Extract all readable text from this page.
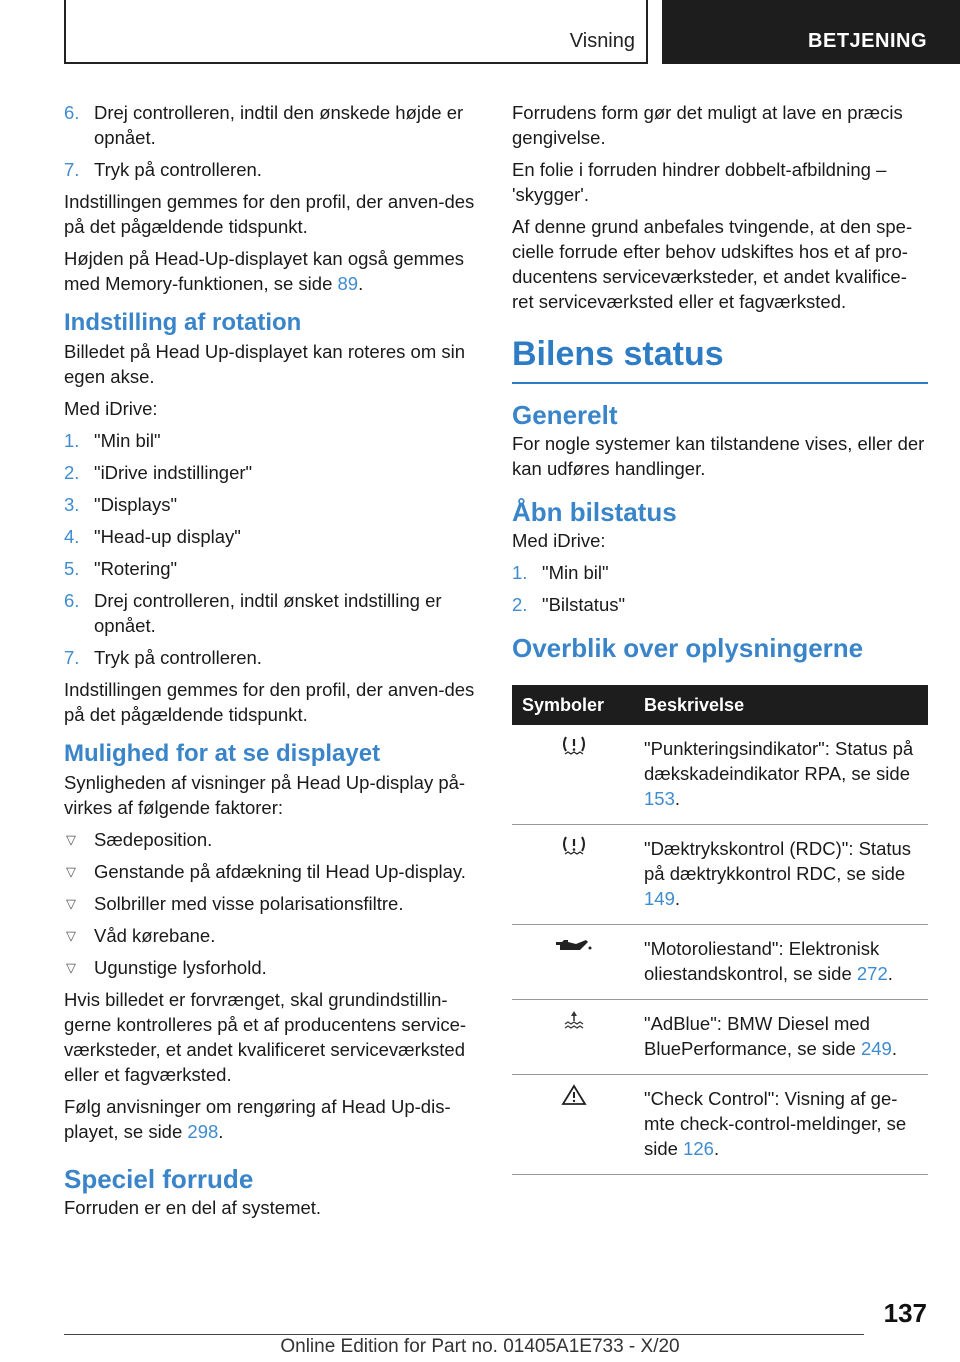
Visning	BETJENING
6. Drej controlleren, indtil den ønskede højde er opnået.
7. Tryk på controlleren.

Indstillingen gemmes for den profil, der anven-des på det pågældende tidspunkt.

Højden på Head-Up-displayet kan også gemmes med Memory-funktionen, se side 89.

Indstilling af rotation

Billedet på Head Up-displayet kan roteres om sin egen akse.

Med iDrive:

1. "Min bil"
2. "iDrive indstillinger"
3. "Displays"
4. "Head-up display"
5. "Rotering"
6. Drej controlleren, indtil ønsket indstilling er opnået.
7. Tryk på controlleren.

Indstillingen gemmes for den profil, der anven-des på det pågældende tidspunkt.

Mulighed for at se displayet

Synligheden af visninger på Head Up-display på-virkes af følgende faktorer:

▽ Sædeposition.
▽ Genstande på afdækning til Head Up-display.
▽ Solbriller med visse polarisationsfiltre.
▽ Våd kørebane.
▽ Ugunstige lysforhold.

Hvis billedet er forvrænget, skal grundindstillin-gerne kontrolleres på et af producentens service-værksteder, et andet kvalificeret serviceværksted eller et fagværksted.

Følg anvisninger om rengøring af Head Up-dis-playet, se side 298.

Speciel forrude

Forruden er en del af systemet.

Forrudens form gør det muligt at lave en præcis gengivelse.

En folie i forruden hindrer dobbelt-afbildning – 'skygger'.

Af denne grund anbefales tvingende, at den spe-cielle forrude efter behov udskiftes hos et af pro-ducentens serviceværksteder, et andet kvalifice-ret serviceværksted eller et fagværksted.

Bilens status
Generelt

For nogle systemer kan tilstandene vises, eller der kan udføres handlinger.

Åbn bilstatus

Med iDrive:

1. "Min bil"
2. "Bilstatus"
Overblik over oplysningerne
Symboler	Beskrivelse
	"Punkteringsindikator": Status på dækskadeindikator RPA, se side 153.
	"Dæktrykskontrol (RDC)": Status på dæktrykkontrol RDC, se side 149.
	"Motoroliestand": Elektronisk oliestandskontrol, se side 272.
	"AdBlue": BMW Diesel med BluePerformance, se side 249.
	"Check Control": Visning af ge-mte check-control-meldinger, se side 126.
137
Online Edition for Part no. 01405A1E733 - X/20
